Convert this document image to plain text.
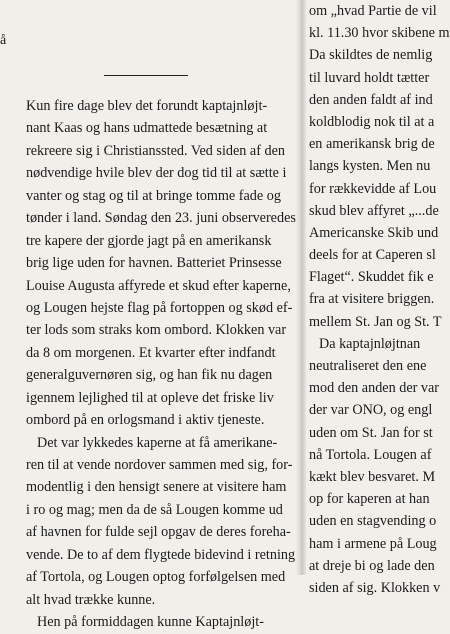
å
Kun fire dage blev det forundt kaptajnløjt-
nant Kaas og hans udmattede besætning at
rekreere sig i Christianssted. Ved siden af den
nødvendige hvile blev der dog tid til at sætte i
vanter og stag og til at bringe tomme fade og
tønder i land. Søndag den 23. juni observeredes
tre kapere der gjorde jagt på en amerikansk
brig lige uden for havnen. Batteriet Prinsesse
Louise Augusta affyrede et skud efter kaperne,
og Lougen hejste flag på fortoppen og skød ef-
ter lods som straks kom ombord. Klokken var
da 8 om morgenen. Et kvarter efter indfandt
generalguvernøren sig, og han fik nu dagen
igennem lejlighed til at opleve det friske liv
ombord på en orlogsmand i aktiv tjeneste.
Det var lykkedes kaperne at få amerikane-
ren til at vende nordover sammen med sig, for-
modentlig i den hensigt senere at visitere ham
i ro og mag; men da de så Lougen komme ud
af havnen for fulde sejl opgav de deres forehа-
vende. De to af dem flygtede bidevind i retning
af Tortola, og Lougen optog forfølgelsen med
alt hvad trække kunne.
Hen på formiddagen kunne Kaptajnløjt-
om „hvad Partie de vil
kl. 11.30 hvor skibene m
Da skildtes de nemlig
til luvard holdt tætter
den anden faldt af ind
koldblodig nok til at a
en amerikansk brig de
langs kysten. Men nu
for rækkevidde af Lou
skud blev affyret „...de
Americanske Skib und
deels for at Caperen sl
Flaget“. Skuddet fik e
fra at visitere briggen.
mellem St. Jan og St. T
Da kaptajnløjtnan
neutraliseret den ene
mod den anden der var
der var ONO, og engl
uden om St. Jan for st
nå Tortola. Lougen af
kækt blev besvaret. M
op for kaperen at han
uden en stagvending o
ham i armene på Loug
at dreje bi og lade den
siden af sig. Klokken v
